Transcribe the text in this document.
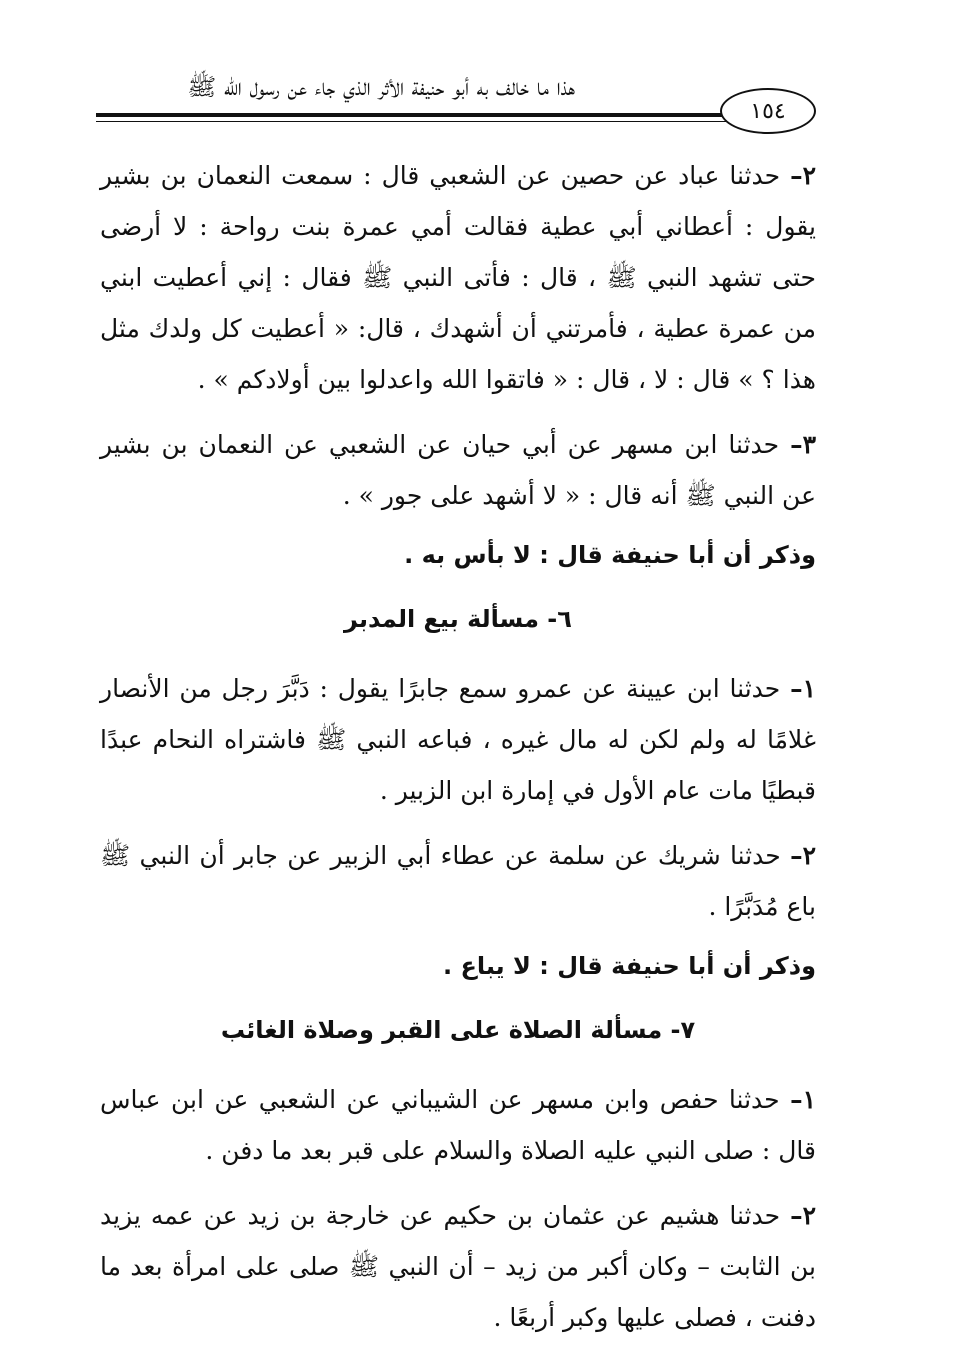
هذا ما خالف به أبو حنيفة الأثر الذي جاء عن رسول الله ﷺ
١٥٤

٢– حدثنا عباد عن حصين عن الشعبي قال : سمعت النعمان بن بشير يقول : أعطاني أبي عطية فقالت أمي عمرة بنت رواحة : لا أرضى حتى تشهد النبي ﷺ ، قال : فأتى النبي ﷺ فقال : إني أعطيت ابني من عمرة عطية ، فأمرتني أن أشهدك ، قال: « أعطيت كل ولدك مثل هذا ؟ » قال : لا ، قال : « فاتقوا الله واعدلوا بين أولادكم » .

٣– حدثنا ابن مسهر عن أبي حيان عن الشعبي عن النعمان بن بشير عن النبي ﷺ أنه قال : « لا أشهد على جور » .

وذكر أن أبا حنيفة قال : لا بأس به .

٦- مسألة بيع المدبر

١– حدثنا ابن عيينة عن عمرو سمع جابرًا يقول : دَبَّرَ رجل من الأنصار غلامًا له ولم لكن له مال غيره ، فباعه النبي ﷺ فاشتراه النحام عبدًا قبطيًا مات عام الأول في إمارة ابن الزبير .

٢– حدثنا شريك عن سلمة عن عطاء أبي الزبير عن جابر أن النبي ﷺ باع مُدَبَّرًا .

وذكر أن أبا حنيفة قال : لا يباع .

٧- مسألة الصلاة على القبر وصلاة الغائب

١– حدثنا حفص وابن مسهر عن الشيباني عن الشعبي عن ابن عباس قال : صلى النبي عليه الصلاة والسلام على قبر بعد ما دفن .

٢– حدثنا هشيم عن عثمان بن حكيم عن خارجة بن زيد عن عمه يزيد بن الثابت – وكان أكبر من زيد – أن النبي ﷺ صلى على امرأة بعد ما دفنت ، فصلى عليها وكبر أربعًا .
